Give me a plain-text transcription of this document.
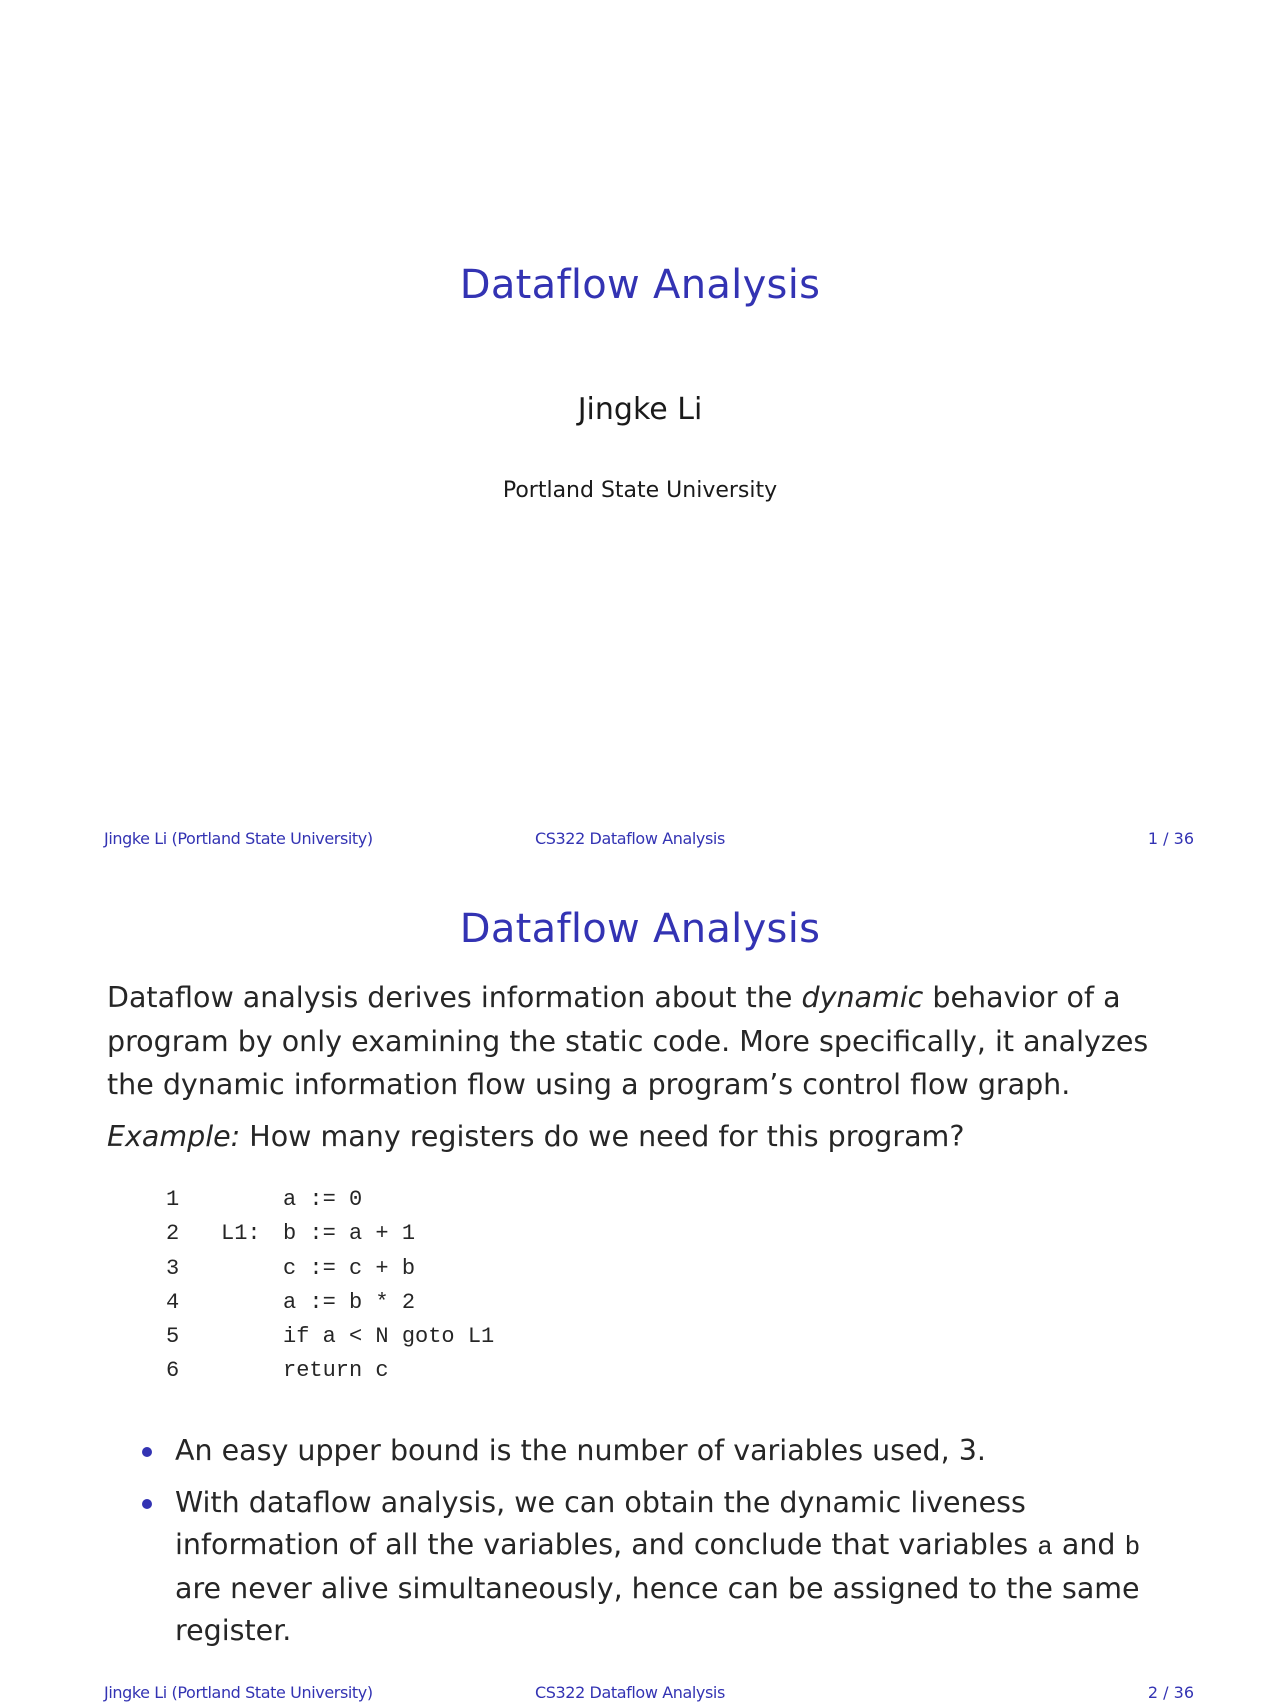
Dataflow Analysis
Jingke Li
Portland State University
Jingke Li (Portland State University)	CS322 Dataflow Analysis	1 / 36
Dataflow Analysis
Dataflow analysis derives information about the dynamic behavior of a program by only examining the static code. More specifically, it analyzes the dynamic information flow using a program’s control flow graph.
Example: How many registers do we need for this program?
1	a := 0
2 L1: b := a + 1
3	c := c + b
4	a := b * 2
5	if a < N goto L1
6	return c
An easy upper bound is the number of variables used, 3.
With dataflow analysis, we can obtain the dynamic liveness information of all the variables, and conclude that variables a and b are never alive simultaneously, hence can be assigned to the same register.
Jingke Li (Portland State University)	CS322 Dataflow Analysis	2 / 36
